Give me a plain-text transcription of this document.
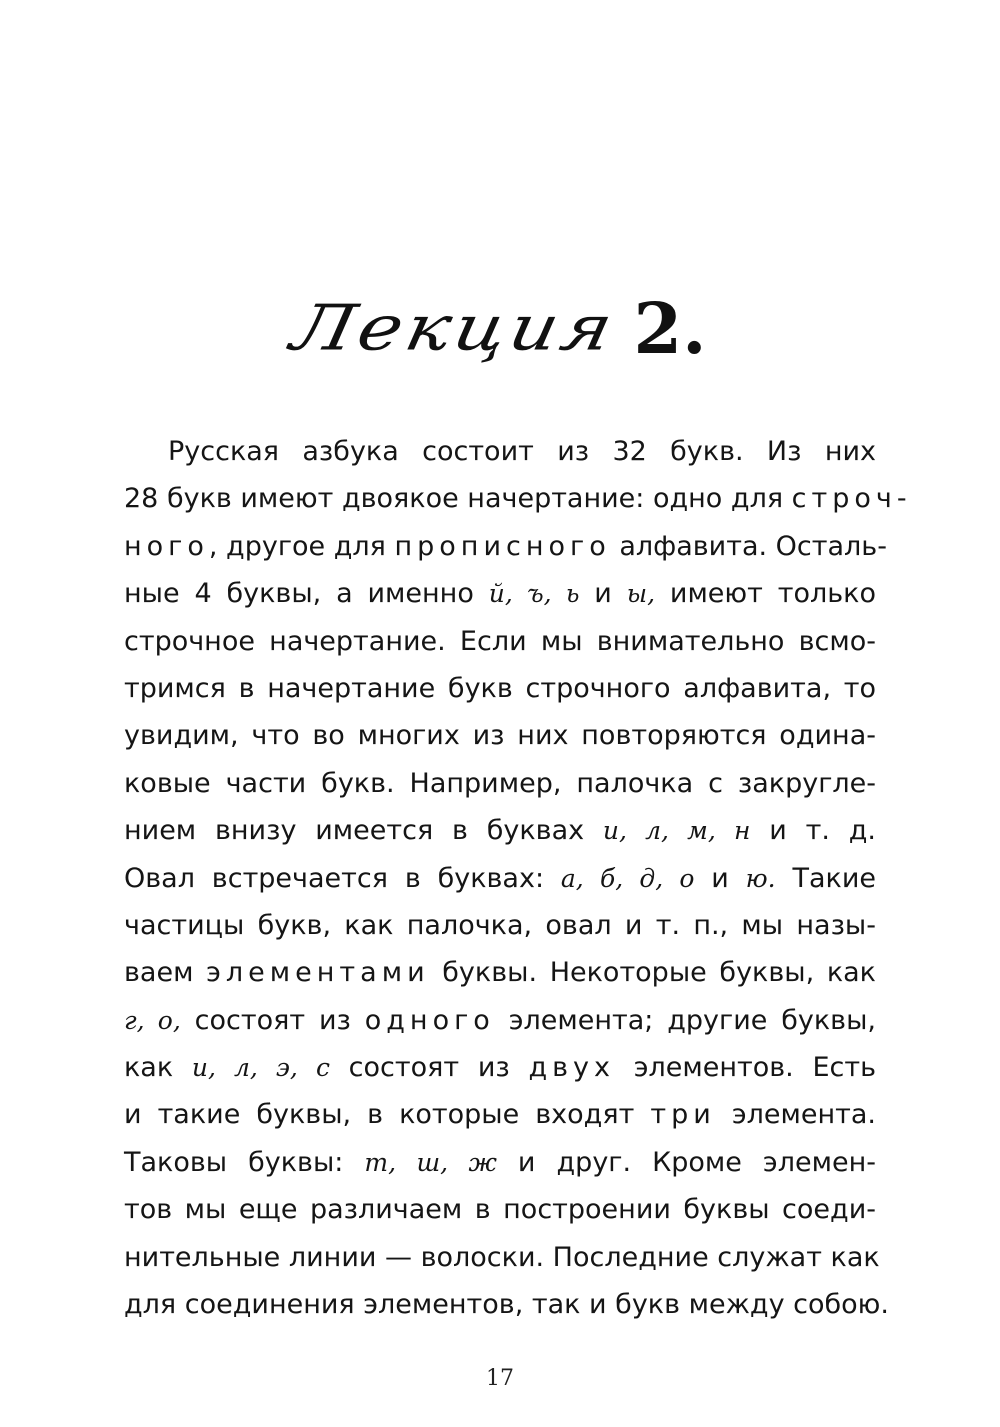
Лекция 2.
Русская азбука состоит из 32 букв. Из них
28 букв имеют двоякое начертание: одно для строч-
ного, другое для прописного алфавита. Осталь-
ные 4 буквы, а именно й, ъ, ь и ы, имеют только
строчное начертание. Если мы внимательно всмо-
тримся в начертание букв строчного алфавита, то
увидим, что во многих из них повторяются одина-
ковые части букв. Например, палочка с закругле-
нием внизу имеется в буквах и, л, м, н и т. д.
Овал встречается в буквах: а, б, д, о и ю. Такие
частицы букв, как палочка, овал и т. п., мы назы-
ваем элементами буквы. Некоторые буквы, как
г, о, состоят из одного элемента; другие буквы,
как и, л, э, с состоят из двух элементов. Есть
и такие буквы, в которые входят три элемента.
Таковы буквы: т, ш, ж и друг. Кроме элемен-
тов мы еще различаем в построении буквы соеди-
нительные линии — волоски. Последние служат как
для соединения элементов, так и букв между собою.
17
